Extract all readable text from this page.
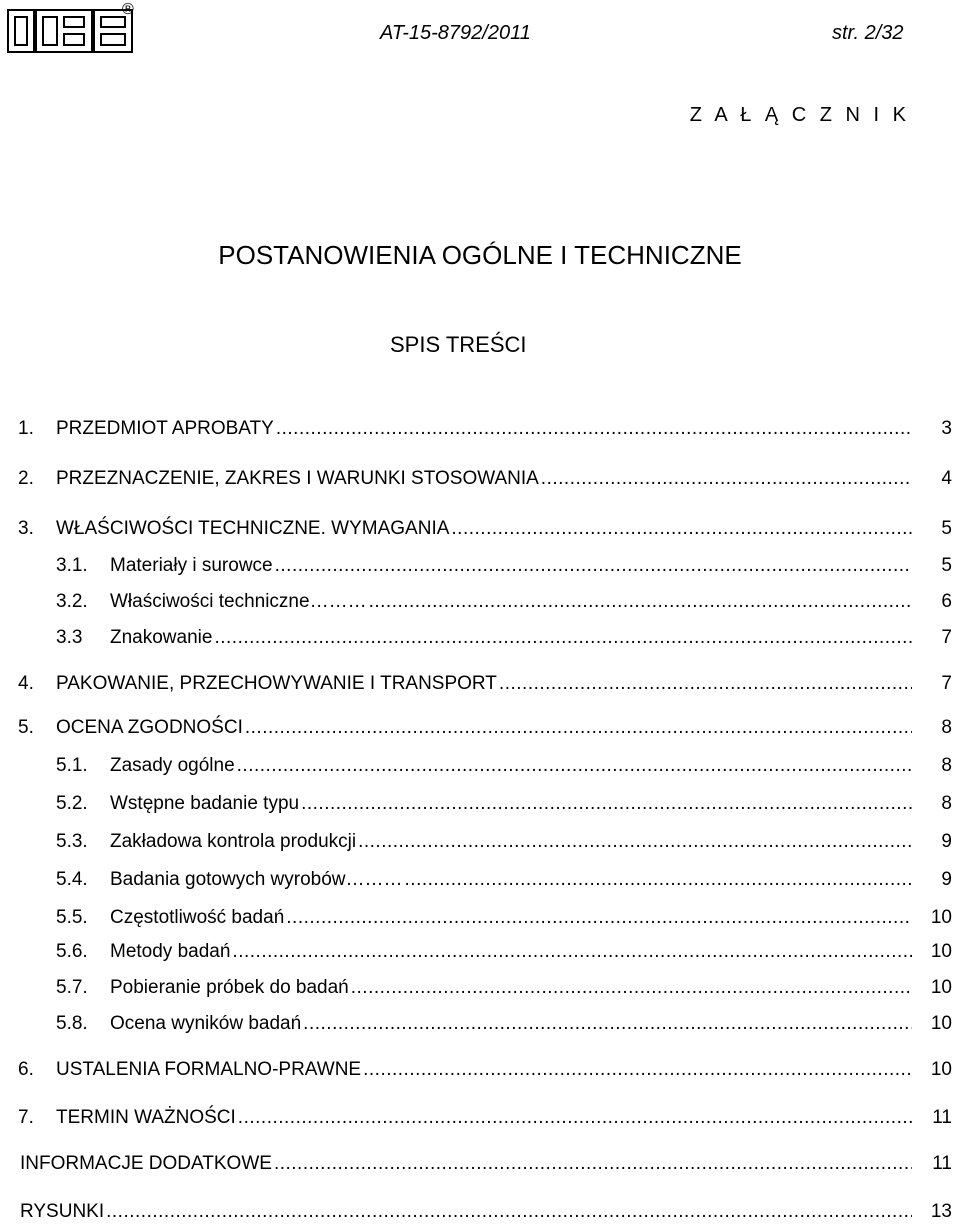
®
AT-15-8792/2011	str. 2/32
Z A Ł Ą C Z N I K
POSTANOWIENIA OGÓLNE I TECHNICZNE
SPIS TREŚCI
1. PRZEDMIOT APROBATY .....	3
2. PRZEZNACZENIE, ZAKRES I WARUNKI STOSOWANIA .....	4
3. WŁAŚCIWOŚCI TECHNICZNE. WYMAGANIA .....	5
3.1. Materiały i surowce .....	5
3.2. Właściwości techniczne……… .....	6
3.3 Znakowanie .....	7
4. PAKOWANIE, PRZECHOWYWANIE I TRANSPORT .....	7
5. OCENA ZGODNOŚCI .....	8
5.1. Zasady ogólne .....	8
5.2. Wstępne badanie typu .....	8
5.3. Zakładowa kontrola produkcji .....	9
5.4. Badania gotowych wyrobów……… .....	9
5.5. Częstotliwość badań .....	10
5.6. Metody badań .....	10
5.7. Pobieranie próbek do badań .....	10
5.8. Ocena wyników badań .....	10
6. USTALENIA FORMALNO-PRAWNE .....	10
7. TERMIN WAŻNOŚCI .....	11
INFORMACJE DODATKOWE .....	11
RYSUNKI .....	13
